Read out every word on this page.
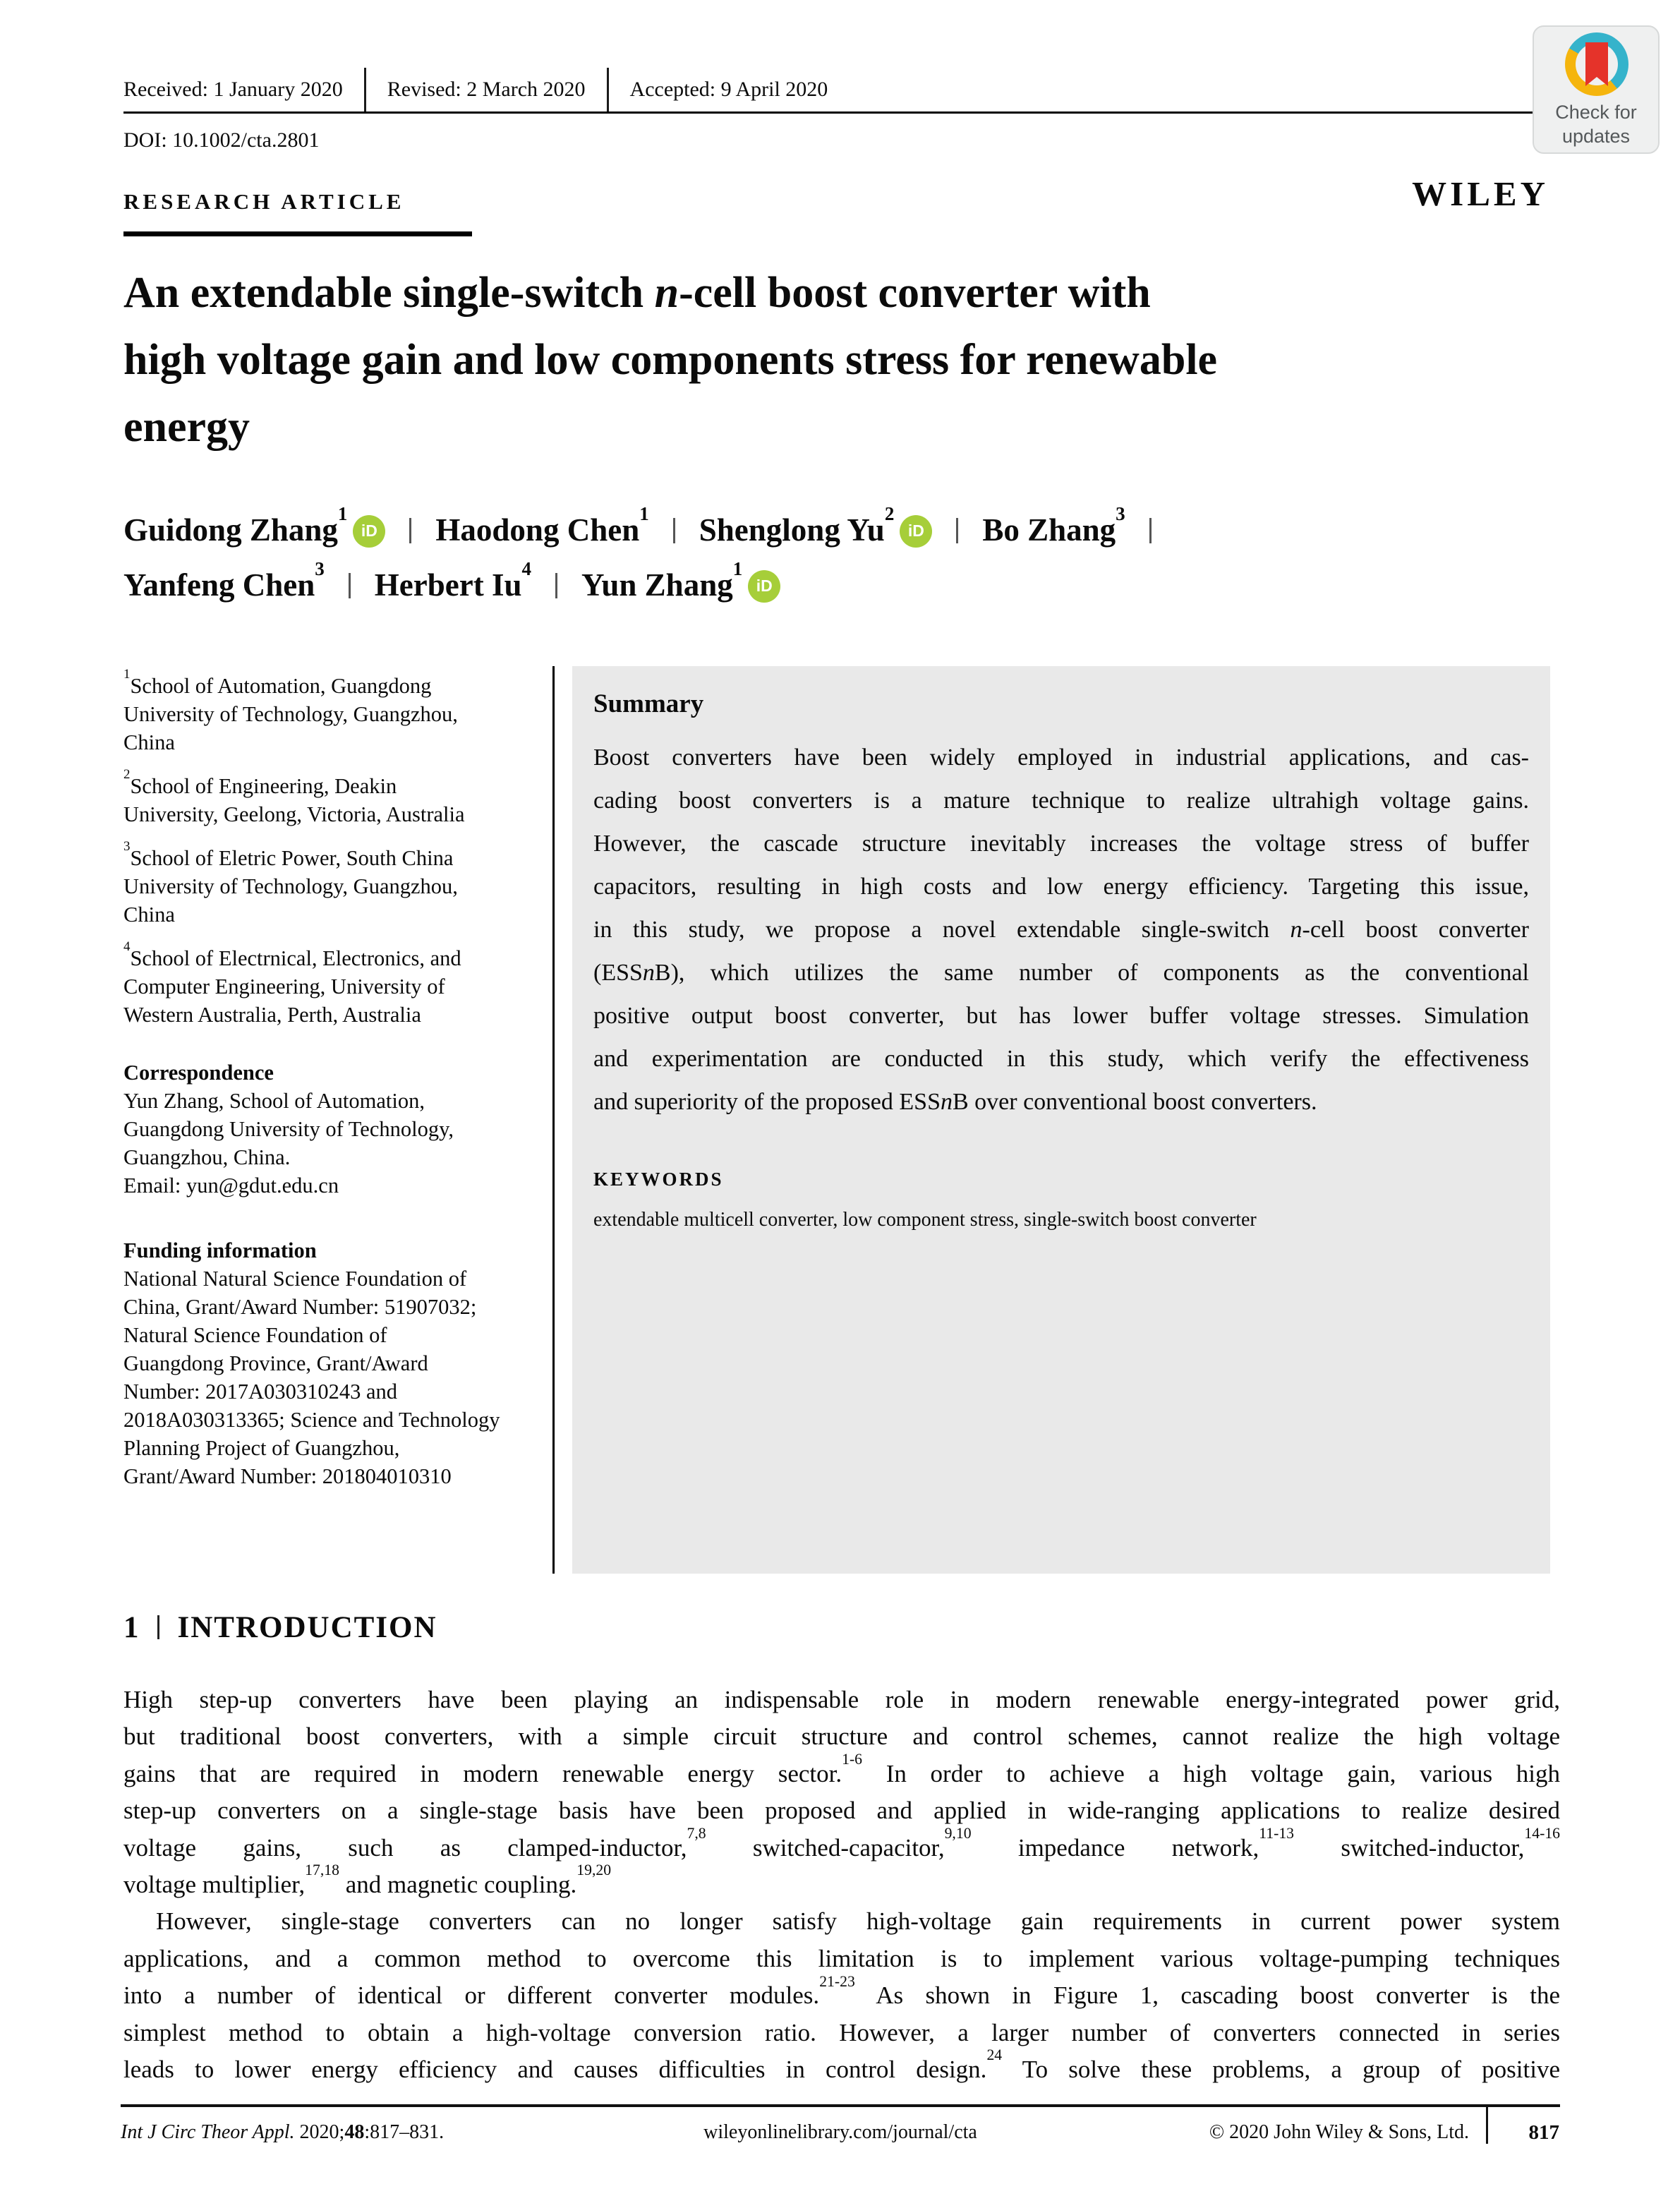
Received: 1 January 2020 Revised: 2 March 2020 Accepted: 9 April 2020
DOI: 10.1002/cta.2801
Check for
updates
RESEARCH ARTICLE	WILEY
An extendable single-switch n-cell boost converter with
high voltage gain and low components stress for renewable
energy
Guidong Zhang$^1$iD Haodong Chen$^1$ Shenglong Yu$^2$iD Bo Zhang$^3$
Yanfeng Chen$^3$ Herbert Iu$^4$ Yun Zhang$^1$iD
$^1$School of Automation, Guangdong
University of Technology, Guangzhou,
China
$^2$School of Engineering, Deakin
University, Geelong, Victoria, Australia
$^3$School of Eletric Power, South China
University of Technology, Guangzhou,
China
$^4$School of Electrnical, Electronics, and
Computer Engineering, University of
Western Australia, Perth, Australia
Correspondence
Yun Zhang, School of Automation,
Guangdong University of Technology,
Guangzhou, China.
Email: yun@gdut.edu.cn
Funding information
National Natural Science Foundation of
China, Grant/Award Number: 51907032;
Natural Science Foundation of
Guangdong Province, Grant/Award
Number: 2017A030310243 and
2018A030313365; Science and Technology
Planning Project of Guangzhou,
Grant/Award Number: 201804010310
Summary
Boost converters have been widely employed in industrial applications, and cas-
cading boost converters is a mature technique to realize ultrahigh voltage gains.
However, the cascade structure inevitably increases the voltage stress of buffer
capacitors, resulting in high costs and low energy efficiency. Targeting this issue,
in this study, we propose a novel extendable single-switch n-cell boost converter
(ESSnB), which utilizes the same number of components as the conventional
positive output boost converter, but has lower buffer voltage stresses. Simulation
and experimentation are conducted in this study, which verify the effectiveness
and superiority of the proposed ESSnB over conventional boost converters.
KEYWORDS
extendable multicell converter, low component stress, single-switch boost converter
1 INTRODUCTION
High step-up converters have been playing an indispensable role in modern renewable energy-integrated power grid,
but traditional boost converters, with a simple circuit structure and control schemes, cannot realize the high voltage
gains that are required in modern renewable energy sector.$^{1-6}$ In order to achieve a high voltage gain, various high
step-up converters on a single-stage basis have been proposed and applied in wide-ranging applications to realize desired
voltage gains, such as clamped-inductor,$^{7,8}$ switched-capacitor,$^{9,10}$ impedance network,$^{11-13}$ switched-inductor,$^{14-16}$
voltage multiplier,$^{17,18}$ and magnetic coupling.$^{19,20}$
However, single-stage converters can no longer satisfy high-voltage gain requirements in current power system
applications, and a common method to overcome this limitation is to implement various voltage-pumping techniques
into a number of identical or different converter modules.$^{21-23}$ As shown in Figure 1, cascading boost converter is the
simplest method to obtain a high-voltage conversion ratio. However, a larger number of converters connected in series
leads to lower energy efficiency and causes difficulties in control design.$^{24}$ To solve these problems, a group of positive
Int J Circ Theor Appl. 2020;48:817–831.	wileyonlinelibrary.com/journal/cta	© 2020 John Wiley & Sons, Ltd.	817
